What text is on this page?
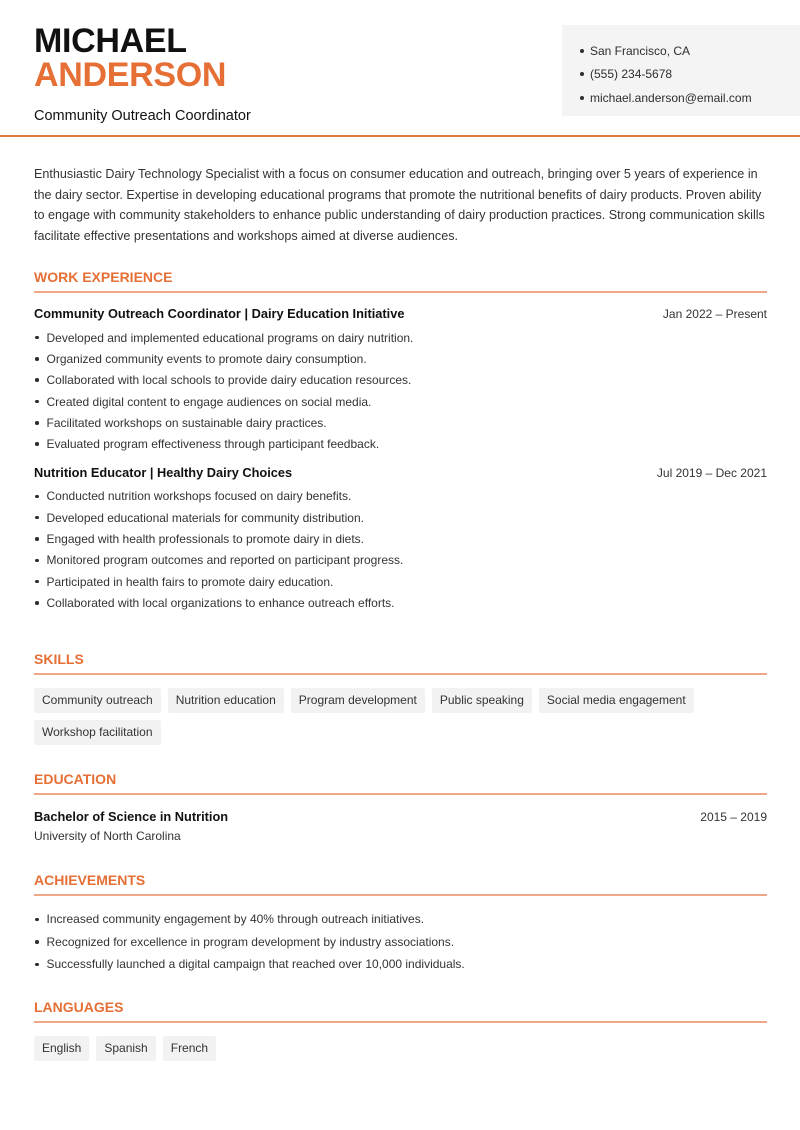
MICHAEL
ANDERSON
Community Outreach Coordinator
San Francisco, CA
(555) 234-5678
michael.anderson@email.com
Enthusiastic Dairy Technology Specialist with a focus on consumer education and outreach, bringing over 5 years of experience in the dairy sector. Expertise in developing educational programs that promote the nutritional benefits of dairy products. Proven ability to engage with community stakeholders to enhance public understanding of dairy production practices. Strong communication skills facilitate effective presentations and workshops aimed at diverse audiences.
WORK EXPERIENCE
Community Outreach Coordinator | Dairy Education Initiative	Jan 2022 – Present
Developed and implemented educational programs on dairy nutrition.
Organized community events to promote dairy consumption.
Collaborated with local schools to provide dairy education resources.
Created digital content to engage audiences on social media.
Facilitated workshops on sustainable dairy practices.
Evaluated program effectiveness through participant feedback.
Nutrition Educator | Healthy Dairy Choices	Jul 2019 – Dec 2021
Conducted nutrition workshops focused on dairy benefits.
Developed educational materials for community distribution.
Engaged with health professionals to promote dairy in diets.
Monitored program outcomes and reported on participant progress.
Participated in health fairs to promote dairy education.
Collaborated with local organizations to enhance outreach efforts.
SKILLS
Community outreach	Nutrition education	Program development	Public speaking	Social media engagement
Workshop facilitation
EDUCATION
Bachelor of Science in Nutrition	2015 – 2019
University of North Carolina
ACHIEVEMENTS
Increased community engagement by 40% through outreach initiatives.
Recognized for excellence in program development by industry associations.
Successfully launched a digital campaign that reached over 10,000 individuals.
LANGUAGES
English	Spanish	French
